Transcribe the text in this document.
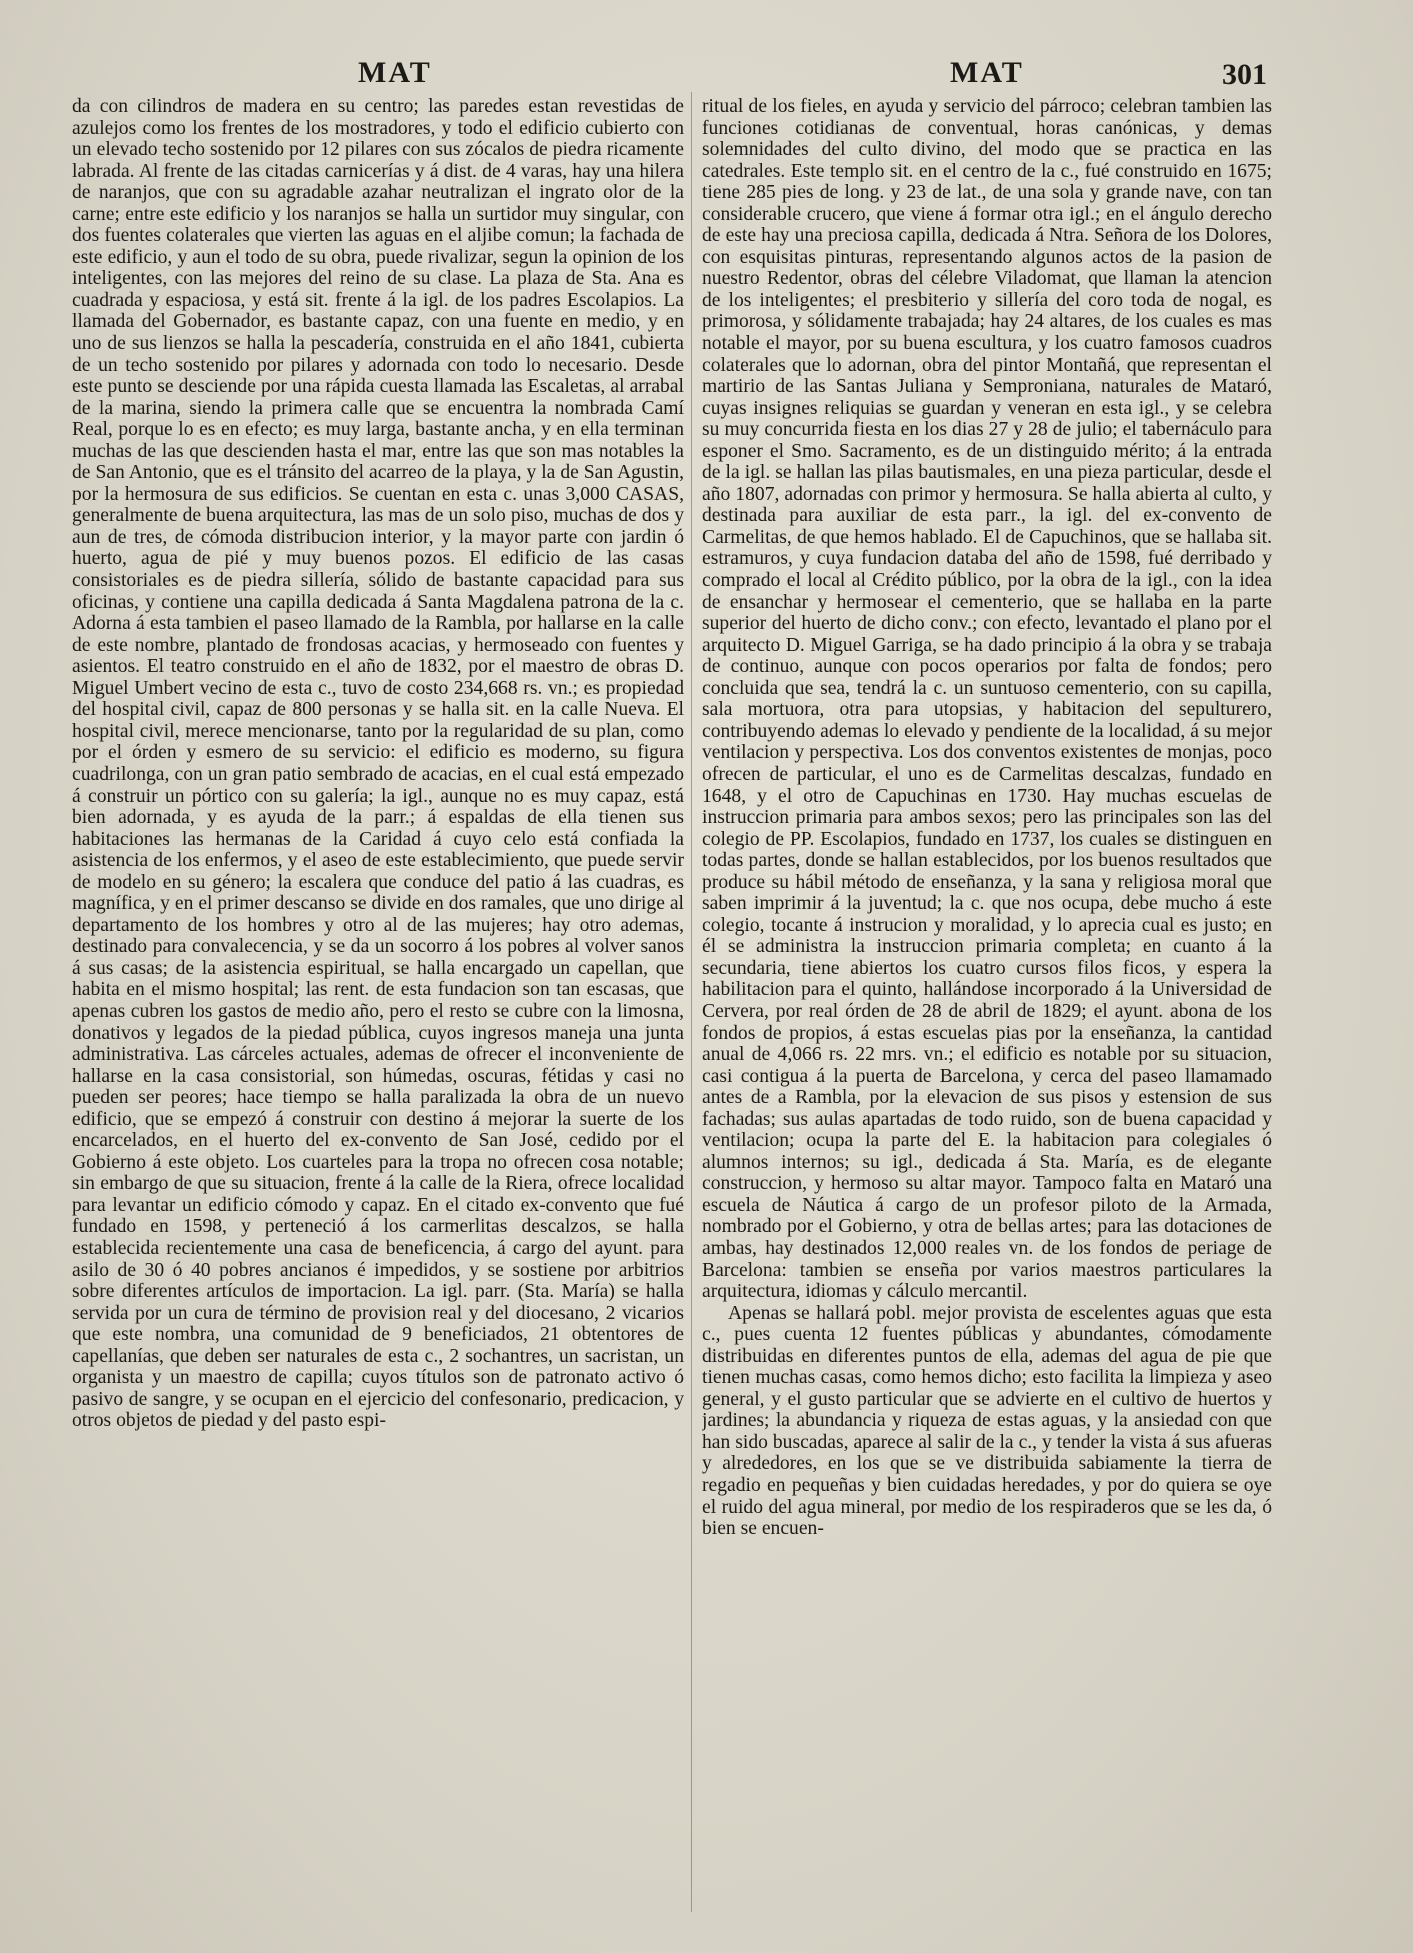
MAT	MAT	301

da con cilindros de madera en su centro; las paredes estan revestidas de azulejos como los frentes de los mostradores, y todo el edificio cubierto con un elevado techo sostenido por 12 pilares con sus zócalos de piedra ricamente labrada. Al frente de las citadas carnicerías y á dist. de 4 varas, hay una hilera de naranjos, que con su agradable azahar neutralizan el ingrato olor de la carne; entre este edificio y los naranjos se halla un surtidor muy singular, con dos fuentes colaterales que vierten las aguas en el aljibe comun; la fachada de este edificio, y aun el todo de su obra, puede rivalizar, segun la opinion de los inteligentes, con las mejores del reino de su clase. La plaza de Sta. Ana es cuadrada y espaciosa, y está sit. frente á la igl. de los padres Escolapios. La llamada del Gobernador, es bastante capaz, con una fuente en medio, y en uno de sus lienzos se halla la pescadería, construida en el año 1841, cubierta de un techo sostenido por pilares y adornada con todo lo necesario. Desde este punto se desciende por una rápida cuesta llamada las Escaletas, al arrabal de la marina, siendo la primera calle que se encuentra la nombrada Camí Real, porque lo es en efecto; es muy larga, bastante ancha, y en ella terminan muchas de las que descienden hasta el mar, entre las que son mas notables la de San Antonio, que es el tránsito del acarreo de la playa, y la de San Agustin, por la hermosura de sus edificios. Se cuentan en esta c. unas 3,000 CASAS, generalmente de buena arquitectura, las mas de un solo piso, muchas de dos y aun de tres, de cómoda distribucion interior, y la mayor parte con jardin ó huerto, agua de pié y muy buenos pozos. El edificio de las casas consistoriales es de piedra sillería, sólido de bastante capacidad para sus oficinas, y contiene una capilla dedicada á Santa Magdalena patrona de la c. Adorna á esta tambien el paseo llamado de la Rambla, por hallarse en la calle de este nombre, plantado de frondosas acacias, y hermoseado con fuentes y asientos. El teatro construido en el año de 1832, por el maestro de obras D. Miguel Umbert vecino de esta c., tuvo de costo 234,668 rs. vn.; es propiedad del hospital civil, capaz de 800 personas y se halla sit. en la calle Nueva. El hospital civil, merece mencionarse, tanto por la regularidad de su plan, como por el órden y esmero de su servicio: el edificio es moderno, su figura cuadrilonga, con un gran patio sembrado de acacias, en el cual está empezado á construir un pórtico con su galería; la igl., aunque no es muy capaz, está bien adornada, y es ayuda de la parr.; á espaldas de ella tienen sus habitaciones las hermanas de la Caridad á cuyo celo está confiada la asistencia de los enfermos, y el aseo de este establecimiento, que puede servir de modelo en su género; la escalera que conduce del patio á las cuadras, es magnífica, y en el primer descanso se divide en dos ramales, que uno dirige al departamento de los hombres y otro al de las mujeres; hay otro ademas, destinado para convalecencia, y se da un socorro á los pobres al volver sanos á sus casas; de la asistencia espiritual, se halla encargado un capellan, que habita en el mismo hospital; las rent. de esta fundacion son tan escasas, que apenas cubren los gastos de medio año, pero el resto se cubre con la limosna, donativos y legados de la piedad pública, cuyos ingresos maneja una junta administrativa. Las cárceles actuales, ademas de ofrecer el inconveniente de hallarse en la casa consistorial, son húmedas, oscuras, fétidas y casi no pueden ser peores; hace tiempo se halla paralizada la obra de un nuevo edificio, que se empezó á construir con destino á mejorar la suerte de los encarcelados, en el huerto del ex-convento de San José, cedido por el Gobierno á este objeto. Los cuarteles para la tropa no ofrecen cosa notable; sin embargo de que su situacion, frente á la calle de la Riera, ofrece localidad para levantar un edificio cómodo y capaz. En el citado ex-convento que fué fundado en 1598, y perteneció á los carmerlitas descalzos, se halla establecida recientemente una casa de beneficencia, á cargo del ayunt. para asilo de 30 ó 40 pobres ancianos é impedidos, y se sostiene por arbitrios sobre diferentes artículos de importacion. La igl. parr. (Sta. María) se halla servida por un cura de término de provision real y del diocesano, 2 vicarios que este nombra, una comunidad de 9 beneficiados, 21 obtentores de capellanías, que deben ser naturales de esta c., 2 sochantres, un sacristan, un organista y un maestro de capilla; cuyos títulos son de patronato activo ó pasivo de sangre, y se ocupan en el ejercicio del confesonario, predicacion, y otros objetos de piedad y del pasto espi-

ritual de los fieles, en ayuda y servicio del párroco; celebran tambien las funciones cotidianas de conventual, horas canónicas, y demas solemnidades del culto divino, del modo que se practica en las catedrales. Este templo sit. en el centro de la c., fué construido en 1675; tiene 285 pies de long. y 23 de lat., de una sola y grande nave, con tan considerable crucero, que viene á formar otra igl.; en el ángulo derecho de este hay una preciosa capilla, dedicada á Ntra. Señora de los Dolores, con esquisitas pinturas, representando algunos actos de la pasion de nuestro Redentor, obras del célebre Viladomat, que llaman la atencion de los inteligentes; el presbiterio y sillería del coro toda de nogal, es primorosa, y sólidamente trabajada; hay 24 altares, de los cuales es mas notable el mayor, por su buena escultura, y los cuatro famosos cuadros colaterales que lo adornan, obra del pintor Montañá, que representan el martirio de las Santas Juliana y Semproniana, naturales de Mataró, cuyas insignes reliquias se guardan y veneran en esta igl., y se celebra su muy concurrida fiesta en los dias 27 y 28 de julio; el tabernáculo para esponer el Smo. Sacramento, es de un distinguido mérito; á la entrada de la igl. se hallan las pilas bautismales, en una pieza particular, desde el año 1807, adornadas con primor y hermosura. Se halla abierta al culto, y destinada para auxiliar de esta parr., la igl. del ex-convento de Carmelitas, de que hemos hablado. El de Capuchinos, que se hallaba sit. estramuros, y cuya fundacion databa del año de 1598, fué derribado y comprado el local al Crédito público, por la obra de la igl., con la idea de ensanchar y hermosear el cementerio, que se hallaba en la parte superior del huerto de dicho conv.; con efecto, levantado el plano por el arquitecto D. Miguel Garriga, se ha dado principio á la obra y se trabaja de continuo, aunque con pocos operarios por falta de fondos; pero concluida que sea, tendrá la c. un suntuoso cementerio, con su capilla, sala mortuora, otra para utopsias, y habitacion del sepulturero, contribuyendo ademas lo elevado y pendiente de la localidad, á su mejor ventilacion y perspectiva. Los dos conventos existentes de monjas, poco ofrecen de particular, el uno es de Carmelitas descalzas, fundado en 1648, y el otro de Capuchinas en 1730. Hay muchas escuelas de instruccion primaria para ambos sexos; pero las principales son las del colegio de PP. Escolapios, fundado en 1737, los cuales se distinguen en todas partes, donde se hallan establecidos, por los buenos resultados que produce su hábil método de enseñanza, y la sana y religiosa moral que saben imprimir á la juventud; la c. que nos ocupa, debe mucho á este colegio, tocante á instrucion y moralidad, y lo aprecia cual es justo; en él se administra la instruccion primaria completa; en cuanto á la secundaria, tiene abiertos los cuatro cursos filos ficos, y espera la habilitacion para el quinto, hallándose incorporado á la Universidad de Cervera, por real órden de 28 de abril de 1829; el ayunt. abona de los fondos de propios, á estas escuelas pias por la enseñanza, la cantidad anual de 4,066 rs. 22 mrs. vn.; el edificio es notable por su situacion, casi contigua á la puerta de Barcelona, y cerca del paseo llamamado antes de a Rambla, por la elevacion de sus pisos y estension de sus fachadas; sus aulas apartadas de todo ruido, son de buena capacidad y ventilacion; ocupa la parte del E. la habitacion para colegiales ó alumnos internos; su igl., dedicada á Sta. María, es de elegante construccion, y hermoso su altar mayor. Tampoco falta en Mataró una escuela de Náutica á cargo de un profesor piloto de la Armada, nombrado por el Gobierno, y otra de bellas artes; para las dotaciones de ambas, hay destinados 12,000 reales vn. de los fondos de periage de Barcelona: tambien se enseña por varios maestros particulares la arquitectura, idiomas y cálculo mercantil.

Apenas se hallará pobl. mejor provista de escelentes aguas que esta c., pues cuenta 12 fuentes públicas y abundantes, cómodamente distribuidas en diferentes puntos de ella, ademas del agua de pie que tienen muchas casas, como hemos dicho; esto facilita la limpieza y aseo general, y el gusto particular que se advierte en el cultivo de huertos y jardines; la abundancia y riqueza de estas aguas, y la ansiedad con que han sido buscadas, aparece al salir de la c., y tender la vista á sus afueras y alrededores, en los que se ve distribuida sabiamente la tierra de regadio en pequeñas y bien cuidadas heredades, y por do quiera se oye el ruido del agua mineral, por medio de los respiraderos que se les da, ó bien se encuen-
